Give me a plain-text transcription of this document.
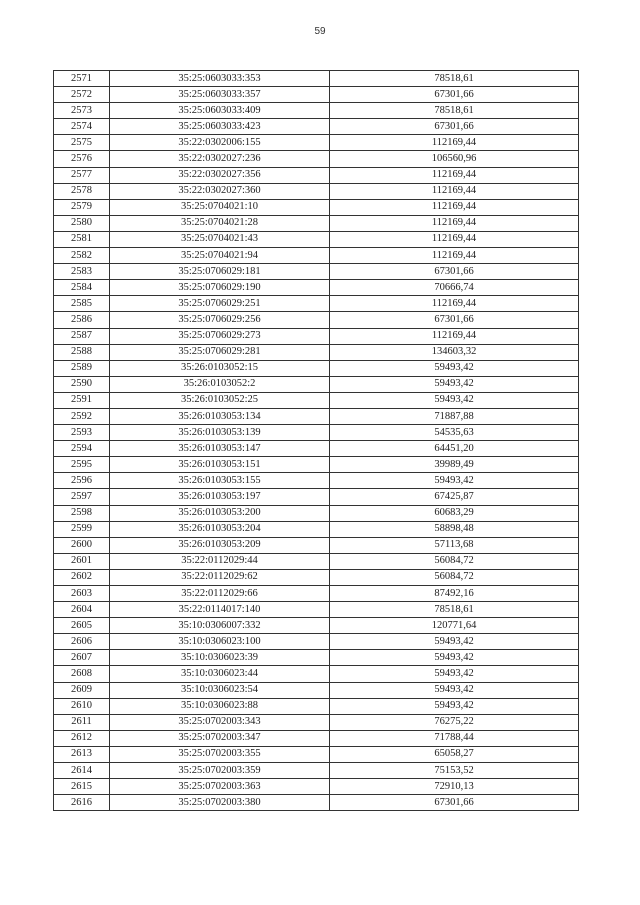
59
2571	35:25:0603033:353	78518,61
2572	35:25:0603033:357	67301,66
2573	35:25:0603033:409	78518,61
2574	35:25:0603033:423	67301,66
2575	35:22:0302006:155	112169,44
2576	35:22:0302027:236	106560,96
2577	35:22:0302027:356	112169,44
2578	35:22:0302027:360	112169,44
2579	35:25:0704021:10	112169,44
2580	35:25:0704021:28	112169,44
2581	35:25:0704021:43	112169,44
2582	35:25:0704021:94	112169,44
2583	35:25:0706029:181	67301,66
2584	35:25:0706029:190	70666,74
2585	35:25:0706029:251	112169,44
2586	35:25:0706029:256	67301,66
2587	35:25:0706029:273	112169,44
2588	35:25:0706029:281	134603,32
2589	35:26:0103052:15	59493,42
2590	35:26:0103052:2	59493,42
2591	35:26:0103052:25	59493,42
2592	35:26:0103053:134	71887,88
2593	35:26:0103053:139	54535,63
2594	35:26:0103053:147	64451,20
2595	35:26:0103053:151	39989,49
2596	35:26:0103053:155	59493,42
2597	35:26:0103053:197	67425,87
2598	35:26:0103053:200	60683,29
2599	35:26:0103053:204	58898,48
2600	35:26:0103053:209	57113,68
2601	35:22:0112029:44	56084,72
2602	35:22:0112029:62	56084,72
2603	35:22:0112029:66	87492,16
2604	35:22:0114017:140	78518,61
2605	35:10:0306007:332	120771,64
2606	35:10:0306023:100	59493,42
2607	35:10:0306023:39	59493,42
2608	35:10:0306023:44	59493,42
2609	35:10:0306023:54	59493,42
2610	35:10:0306023:88	59493,42
2611	35:25:0702003:343	76275,22
2612	35:25:0702003:347	71788,44
2613	35:25:0702003:355	65058,27
2614	35:25:0702003:359	75153,52
2615	35:25:0702003:363	72910,13
2616	35:25:0702003:380	67301,66
